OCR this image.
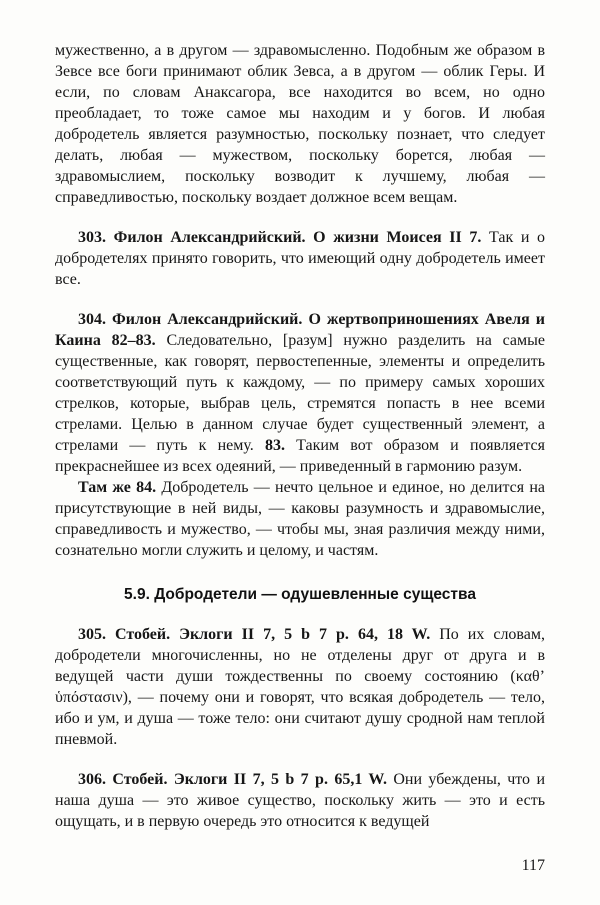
мужественно, а в другом — здравомысленно. Подобным же образом в Зевсе все боги принимают облик Зевса, а в другом — облик Геры. И если, по словам Анаксагора, все находится во всем, но одно преобладает, то тоже самое мы находим и у богов. И любая добродетель является разумностью, поскольку познает, что следует делать, любая — мужеством, поскольку борется, любая — здравомыслием, поскольку возводит к лучшему, любая — справедливостью, поскольку воздает должное всем вещам.

303. Филон Александрийский. О жизни Моисея II 7. Так и о добродетелях принято говорить, что имеющий одну добродетель имеет все.

304. Филон Александрийский. О жертвоприношениях Авеля и Каина 82–83. Следовательно, [разум] нужно разделить на самые существенные, как говорят, первостепенные, элементы и определить соответствующий путь к каждому, — по примеру самых хороших стрелков, которые, выбрав цель, стремятся попасть в нее всеми стрелами. Целью в данном случае будет существенный элемент, а стрелами — путь к нему. 83. Таким вот образом и появляется прекраснейшее из всех одеяний, — приведенный в гармонию разум.

Там же 84. Добродетель — нечто цельное и единое, но делится на присутствующие в ней виды, — каковы разумность и здравомыслие, справедливость и мужество, — чтобы мы, зная различия между ними, сознательно могли служить и целому, и частям.

5.9. Добродетели — одушевленные существа

305. Стобей. Эклоги II 7, 5 b 7 p. 64, 18 W. По их словам, добродетели многочисленны, но не отделены друг от друга и в ведущей части души тождественны по своему состоянию (καθ’ ὑπόστασιν), — почему они и говорят, что всякая добродетель — тело, ибо и ум, и душа — тоже тело: они считают душу сродной нам теплой пневмой.

306. Стобей. Эклоги II 7, 5 b 7 p. 65,1 W. Они убеждены, что и наша душа — это живое существо, поскольку жить — это и есть ощущать, и в первую очередь это относится к ведущей

117
